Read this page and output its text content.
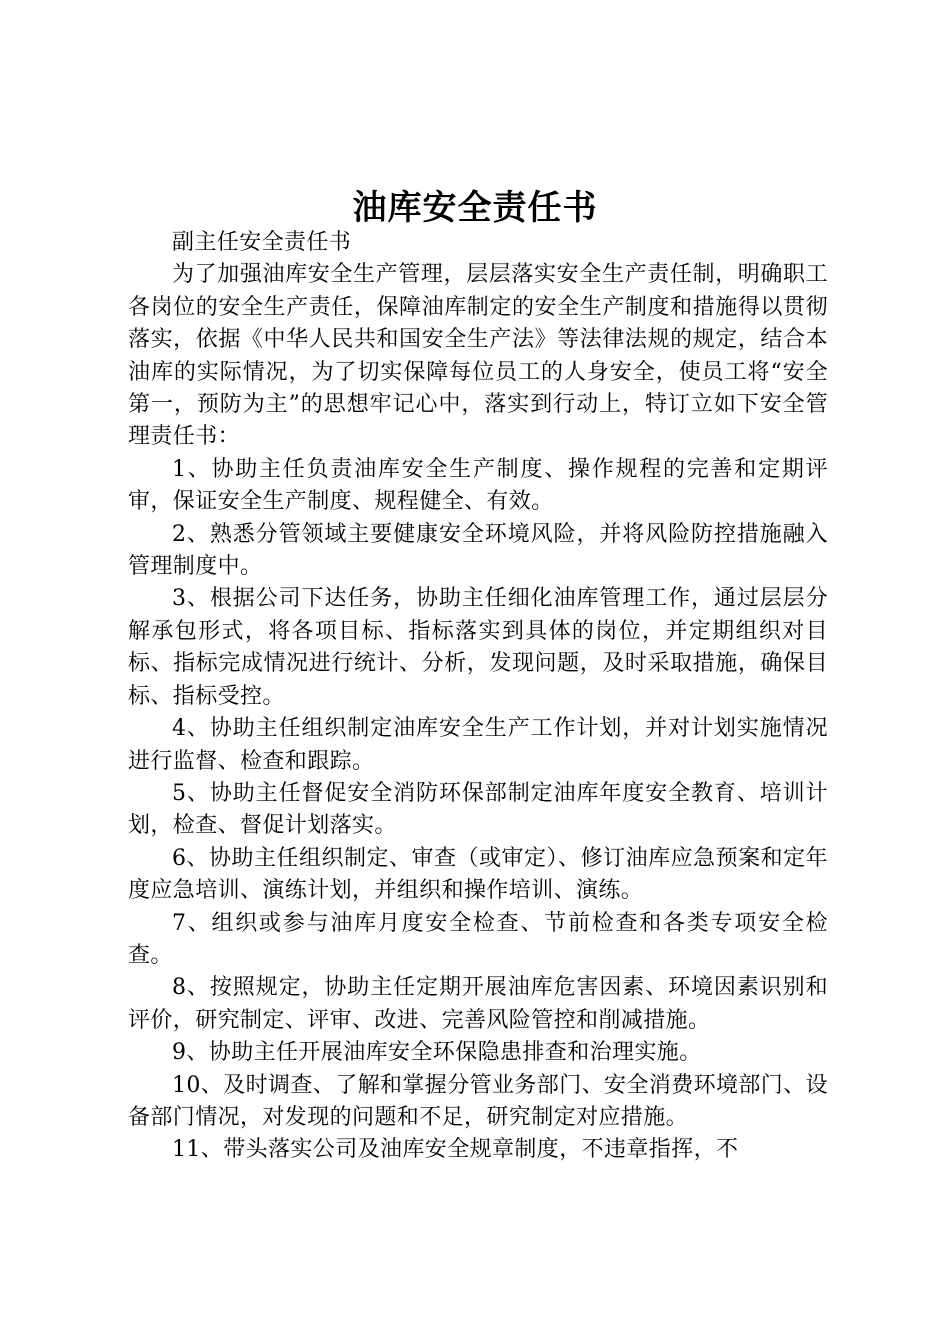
油库安全责任书

副主任安全责任书

为了加强油库安全生产管理，层层落实安全生产责任制，明确职工各岗位的安全生产责任，保障油库制定的安全生产制度和措施得以贯彻落实，依据《中华人民共和国安全生产法》等法律法规的规定，结合本油库的实际情况，为了切实保障每位员工的人身安全，使员工将“安全第一，预防为主”的思想牢记心中，落实到行动上，特订立如下安全管理责任书：

1、协助主任负责油库安全生产制度、操作规程的完善和定期评审，保证安全生产制度、规程健全、有效。

2、熟悉分管领域主要健康安全环境风险，并将风险防控措施融入管理制度中。

3、根据公司下达任务，协助主任细化油库管理工作，通过层层分解承包形式，将各项目标、指标落实到具体的岗位，并定期组织对目标、指标完成情况进行统计、分析，发现问题，及时采取措施，确保目标、指标受控。

4、协助主任组织制定油库安全生产工作计划，并对计划实施情况进行监督、检查和跟踪。

5、协助主任督促安全消防环保部制定油库年度安全教育、培训计划，检查、督促计划落实。

6、协助主任组织制定、审查（或审定）、修订油库应急预案和定年度应急培训、演练计划，并组织和操作培训、演练。

7、组织或参与油库月度安全检查、节前检查和各类专项安全检查。

8、按照规定，协助主任定期开展油库危害因素、环境因素识别和评价，研究制定、评审、改进、完善风险管控和削减措施。

9、协助主任开展油库安全环保隐患排查和治理实施。

10、及时调查、了解和掌握分管业务部门、安全消费环境部门、设备部门情况，对发现的问题和不足，研究制定对应措施。

11、带头落实公司及油库安全规章制度，不违章指挥，不
